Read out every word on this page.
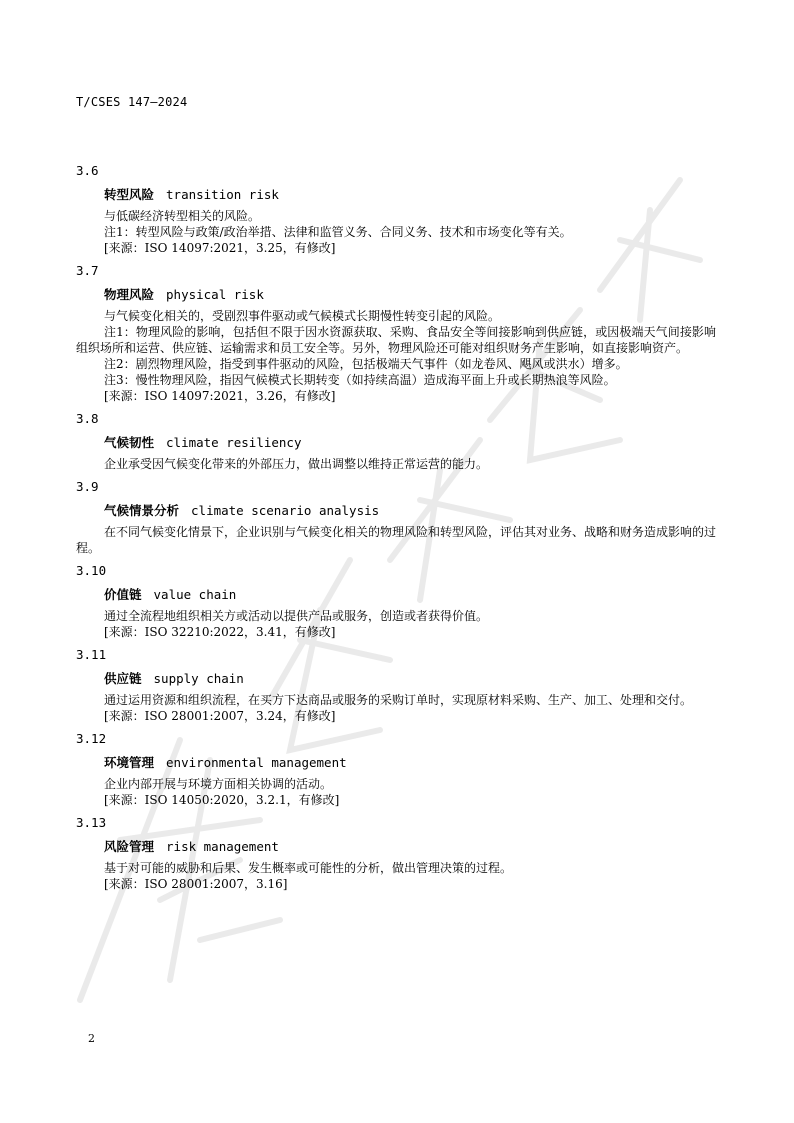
T/CSES 147—2024

3.6

转型风险 transition risk

与低碳经济转型相关的风险。

注1：转型风险与政策/政治举措、法律和监管义务、合同义务、技术和市场变化等有关。

[来源：ISO 14097:2021，3.25，有修改]

3.7

物理风险 physical risk

与气候变化相关的，受剧烈事件驱动或气候模式长期慢性转变引起的风险。

注1：物理风险的影响，包括但不限于因水资源获取、采购、食品安全等间接影响到供应链，或因极端天气间接影响组织场所和运营、供应链、运输需求和员工安全等。另外，物理风险还可能对组织财务产生影响，如直接影响资产。

注2：剧烈物理风险，指受到事件驱动的风险，包括极端天气事件（如龙卷风、飓风或洪水）增多。

注3：慢性物理风险，指因气候模式长期转变（如持续高温）造成海平面上升或长期热浪等风险。

[来源：ISO 14097:2021，3.26，有修改]

3.8

气候韧性 climate resiliency

企业承受因气候变化带来的外部压力，做出调整以维持正常运营的能力。

3.9

气候情景分析 climate scenario analysis

在不同气候变化情景下，企业识别与气候变化相关的物理风险和转型风险，评估其对业务、战略和财务造成影响的过程。

3.10

价值链 value chain

通过全流程地组织相关方或活动以提供产品或服务，创造或者获得价值。

[来源：ISO 32210:2022，3.41，有修改]

3.11

供应链 supply chain

通过运用资源和组织流程，在买方下达商品或服务的采购订单时，实现原材料采购、生产、加工、处理和交付。

[来源：ISO 28001:2007，3.24，有修改]

3.12

环境管理 environmental management

企业内部开展与环境方面相关协调的活动。

[来源：ISO 14050:2020，3.2.1，有修改]

3.13

风险管理 risk management

基于对可能的威胁和后果、发生概率或可能性的分析，做出管理决策的过程。

[来源：ISO 28001:2007，3.16]

2
